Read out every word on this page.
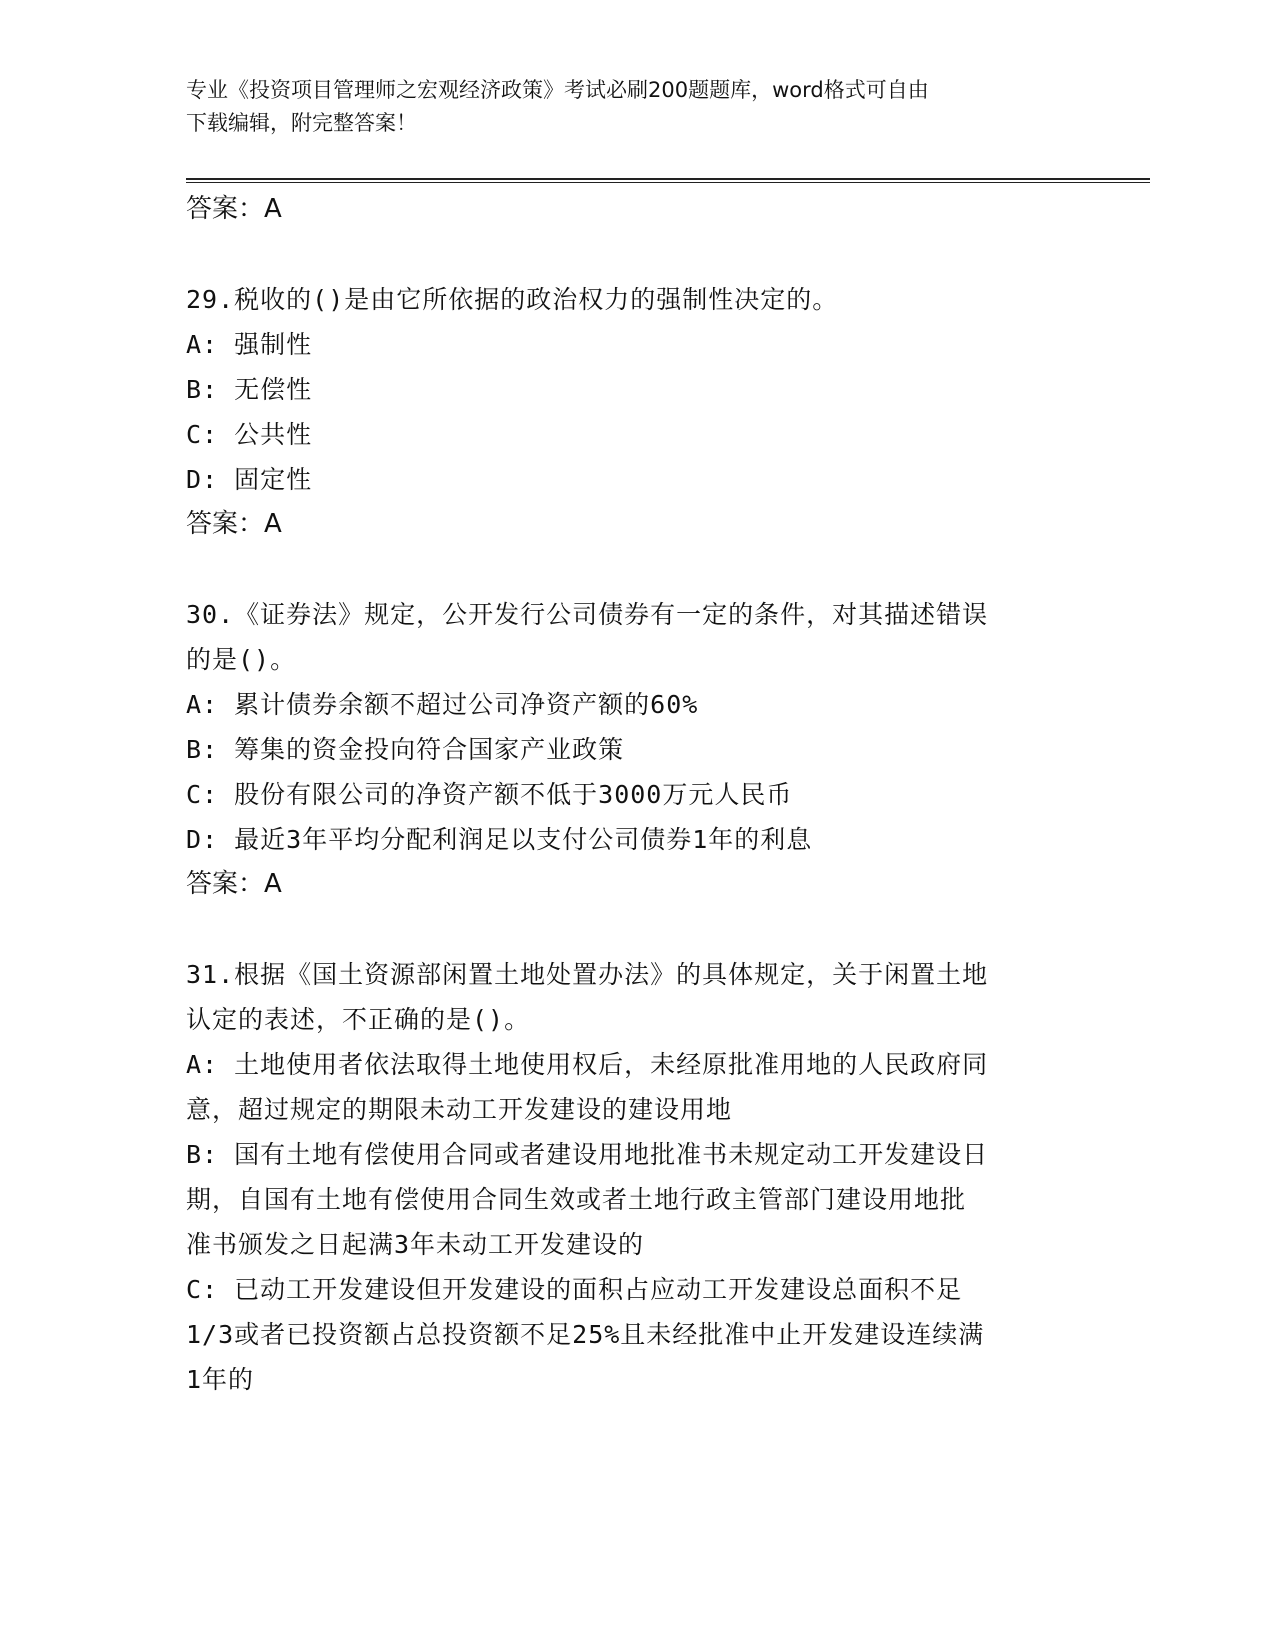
专业《投资项目管理师之宏观经济政策》考试必刷200题题库，word格式可自由
下载编辑，附完整答案！
答案：A
29.税收的()是由它所依据的政治权力的强制性决定的。
A: 强制性
B: 无偿性
C: 公共性
D: 固定性
答案：A
30.《证券法》规定，公开发行公司债券有一定的条件，对其描述错误
的是()。
A: 累计债券余额不超过公司净资产额的60%
B: 筹集的资金投向符合国家产业政策
C: 股份有限公司的净资产额不低于3000万元人民币
D: 最近3年平均分配利润足以支付公司债券1年的利息
答案：A
31.根据《国土资源部闲置土地处置办法》的具体规定，关于闲置土地
认定的表述，不正确的是()。
A: 土地使用者依法取得土地使用权后，未经原批准用地的人民政府同
意，超过规定的期限未动工开发建设的建设用地
B: 国有土地有偿使用合同或者建设用地批准书未规定动工开发建设日
期，自国有土地有偿使用合同生效或者土地行政主管部门建设用地批
准书颁发之日起满3年未动工开发建设的
C: 已动工开发建设但开发建设的面积占应动工开发建设总面积不足
1/3或者已投资额占总投资额不足25%且未经批准中止开发建设连续满
1年的
